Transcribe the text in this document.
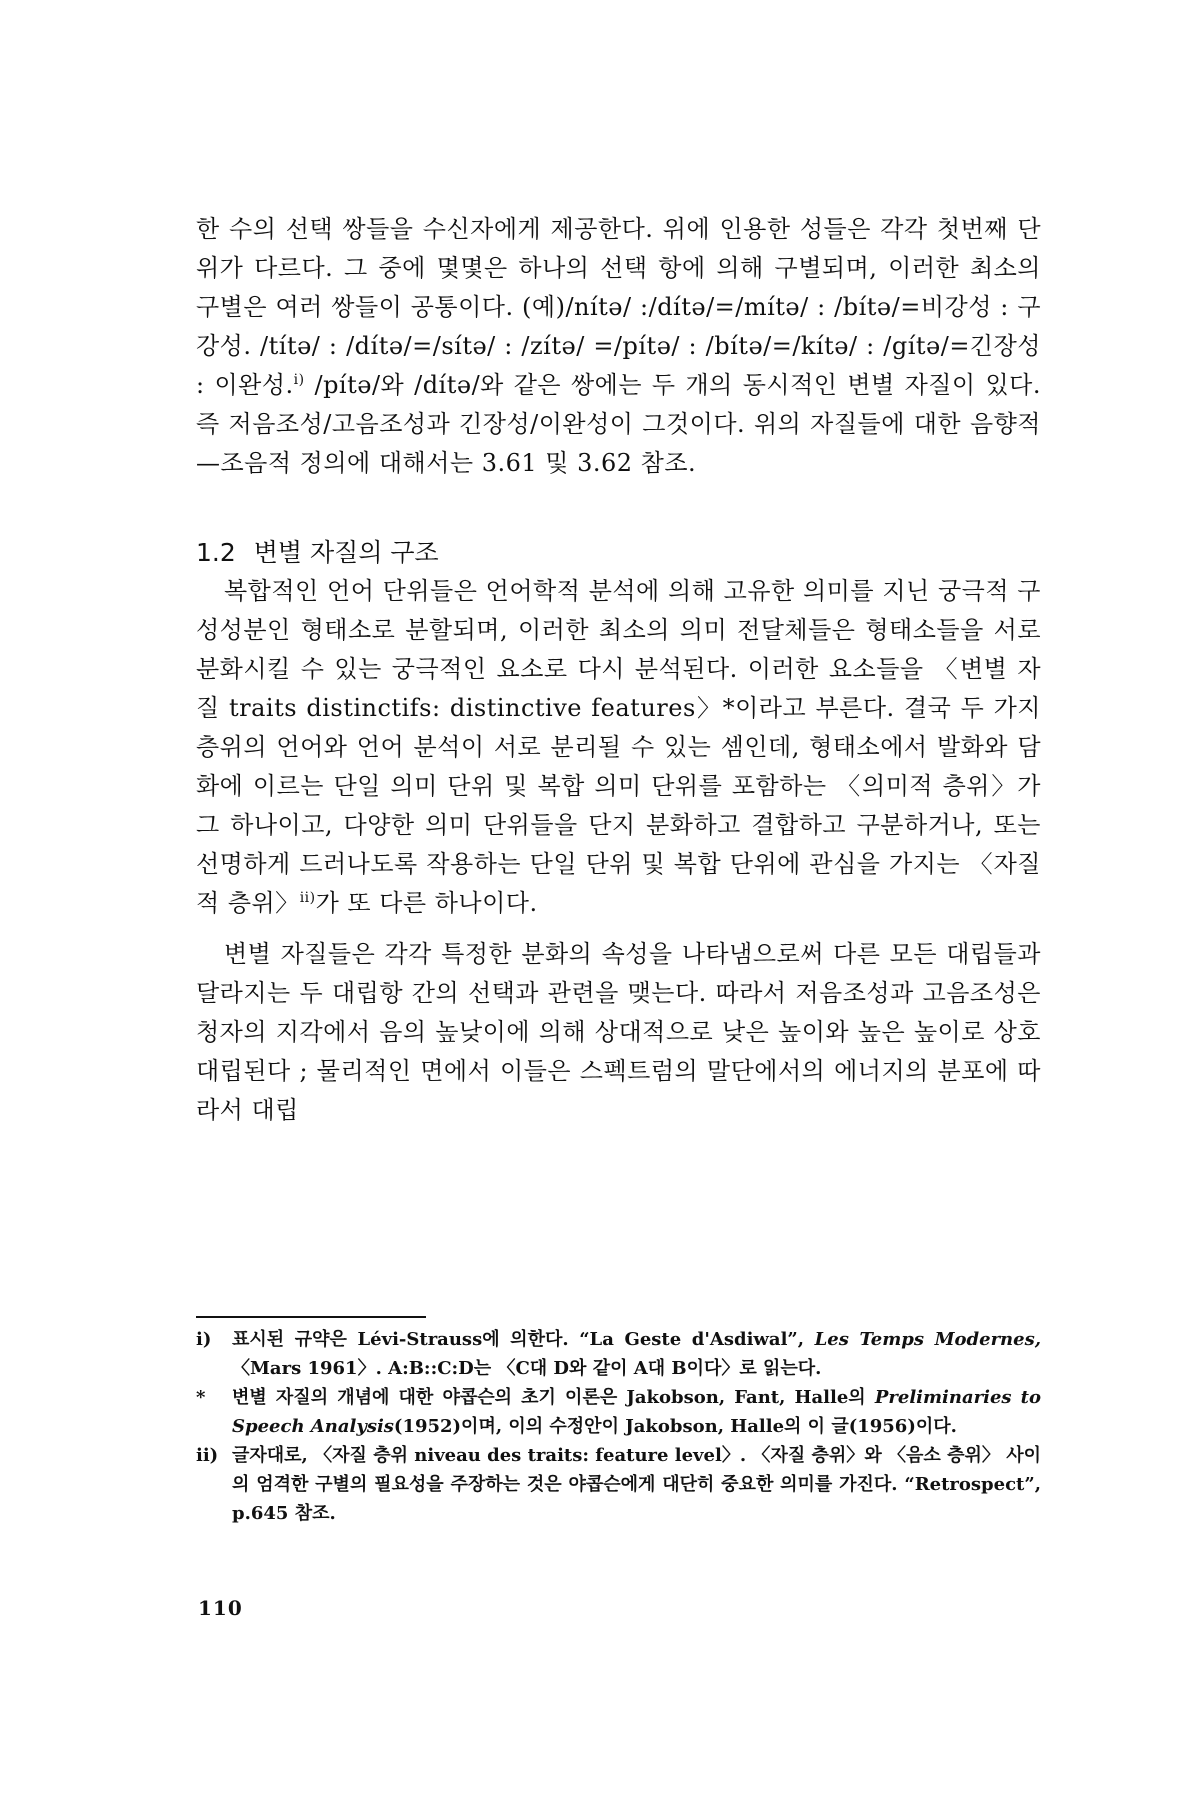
한 수의 선택 쌍들을 수신자에게 제공한다. 위에 인용한 성들은 각각 첫번째 단위가 다르다. 그 중에 몇몇은 하나의 선택 항에 의해 구별되며, 이러한 최소의 구별은 여러 쌍들이 공통이다. (예)/nítə/ :/dítə/=/mítə/ : /bítə/=비강성 : 구강성. /títə/ : /dítə/=/sítə/ : /zítə/ =/pítə/ : /bítə/=/kítə/ : /gítə/=긴장성 : 이완성.$^{i)}$ /pítə/와 /dítə/와 같은 쌍에는 두 개의 동시적인 변별 자질이 있다. 즉 저음조성/고음조성과 긴장성/이완성이 그것이다. 위의 자질들에 대한 음향적—조음적 정의에 대해서는 3.61 및 3.62 참조.

1.2 변별 자질의 구조

복합적인 언어 단위들은 언어학적 분석에 의해 고유한 의미를 지닌 궁극적 구성성분인 형태소로 분할되며, 이러한 최소의 의미 전달체들은 형태소들을 서로 분화시킬 수 있는 궁극적인 요소로 다시 분석된다. 이러한 요소들을 〈변별 자질 traits distinctifs: distinctive features〉*이라고 부른다. 결국 두 가지 층위의 언어와 언어 분석이 서로 분리될 수 있는 셈인데, 형태소에서 발화와 담화에 이르는 단일 의미 단위 및 복합 의미 단위를 포함하는 〈의미적 층위〉가 그 하나이고, 다양한 의미 단위들을 단지 분화하고 결합하고 구분하거나, 또는 선명하게 드러나도록 작용하는 단일 단위 및 복합 단위에 관심을 가지는 〈자질적 층위〉$^{ii)}$가 또 다른 하나이다.

변별 자질들은 각각 특정한 분화의 속성을 나타냄으로써 다른 모든 대립들과 달라지는 두 대립항 간의 선택과 관련을 맺는다. 따라서 저음조성과 고음조성은 청자의 지각에서 음의 높낮이에 의해 상대적으로 낮은 높이와 높은 높이로 상호 대립된다 ; 물리적인 면에서 이들은 스펙트럼의 말단에서의 에너지의 분포에 따라서 대립

i)	표시된 규약은 Lévi-Strauss에 의한다. “La Geste d'Asdiwal”, Les Temps Modernes, 〈Mars 1961〉. A:B::C:D는 〈C대 D와 같이 A대 B이다〉로 읽는다.
*	변별 자질의 개념에 대한 야콥슨의 초기 이론은 Jakobson, Fant, Halle의 Preliminaries to Speech Analysis(1952)이며, 이의 수정안이 Jakobson, Halle의 이 글(1956)이다.
ii) 글자대로, 〈자질 층위 niveau des traits: feature level〉. 〈자질 층위〉와 〈음소 층위〉 사이의 엄격한 구별의 필요성을 주장하는 것은 야콥슨에게 대단히 중요한 의미를 가진다. “Retrospect”, p.645 참조.
110
